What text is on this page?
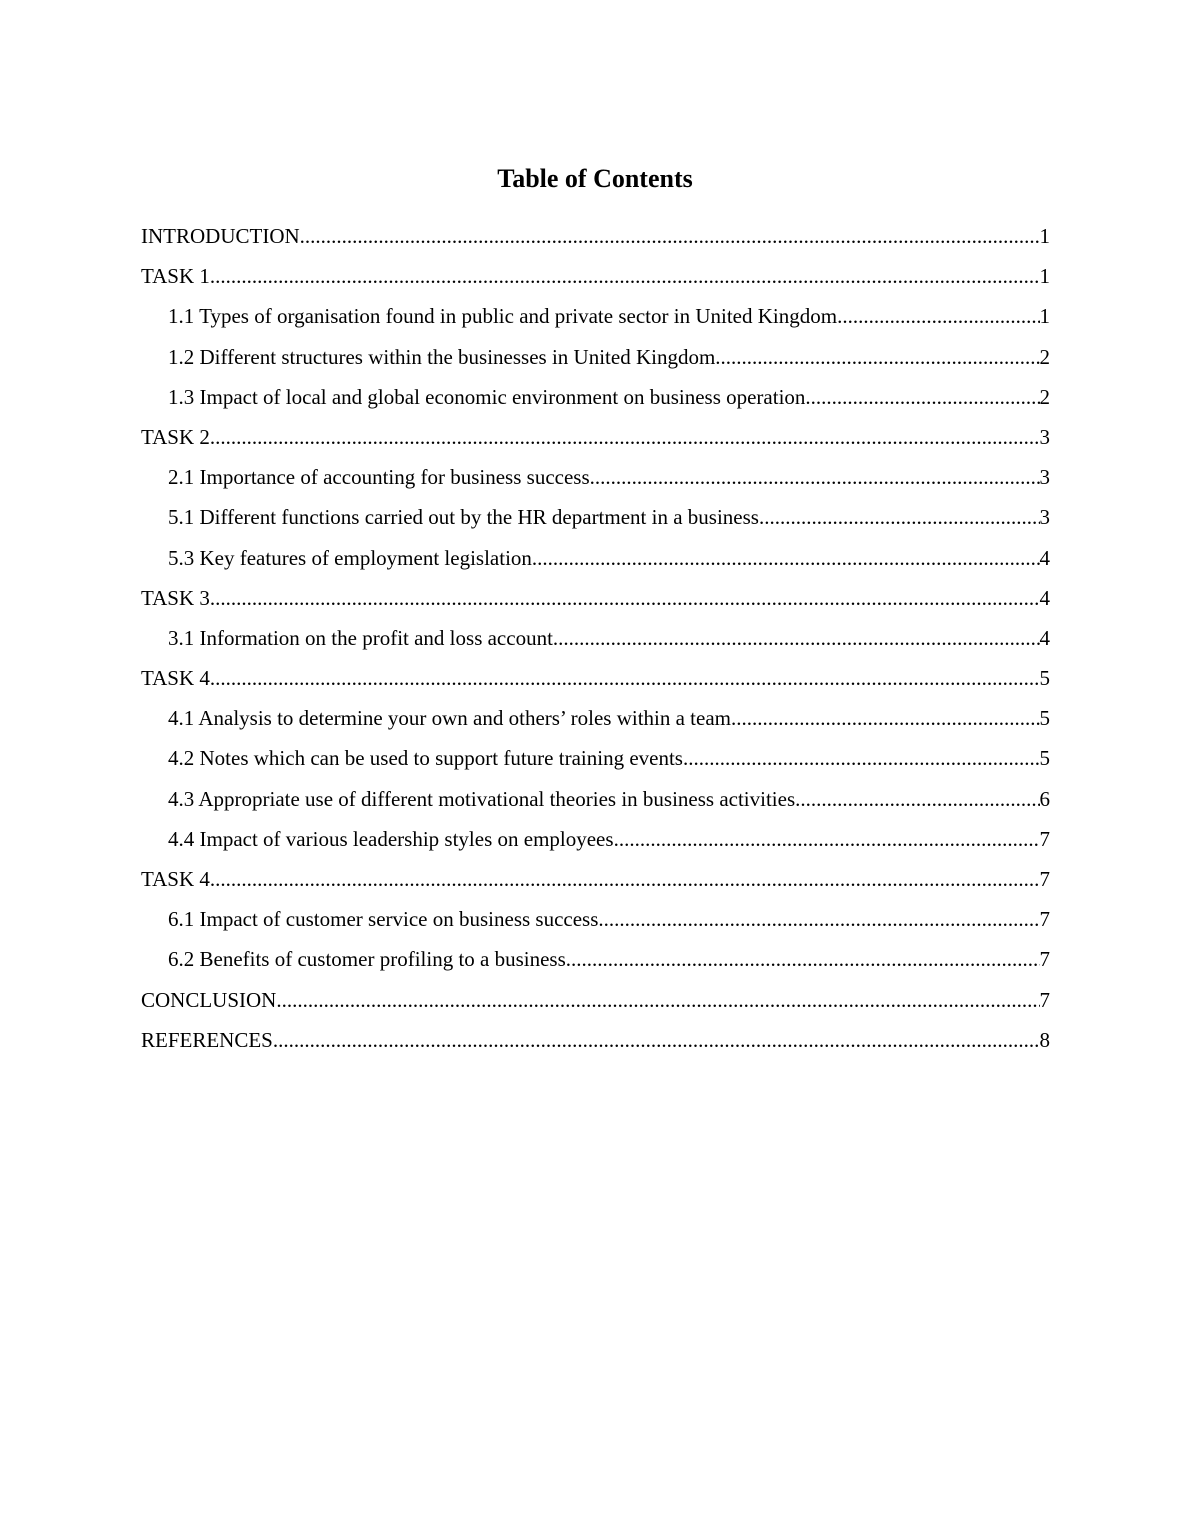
Table of Contents
INTRODUCTION .....	1
TASK 1 .....	1
1.1 Types of organisation found in public and private sector in United Kingdom .....	1
1.2 Different structures within the businesses in United Kingdom .....	2
1.3 Impact of local and global economic environment on business operation .....	2
TASK 2 .....	3
2.1 Importance of accounting for business success .....	3
5.1 Different functions carried out by the HR department in a business .....	3
5.3 Key features of employment legislation .....	4
TASK 3 .....	4
3.1 Information on the profit and loss account .....	4
TASK 4 .....	5
4.1 Analysis to determine your own and others’ roles within a team .....	5
4.2 Notes which can be used to support future training events .....	5
4.3 Appropriate use of different motivational theories in business activities .....	6
4.4 Impact of various leadership styles on employees .....	7
TASK 4 .....	7
6.1 Impact of customer service on business success .....	7
6.2 Benefits of customer profiling to a business .....	7
CONCLUSION .....	7
REFERENCES .....	8
